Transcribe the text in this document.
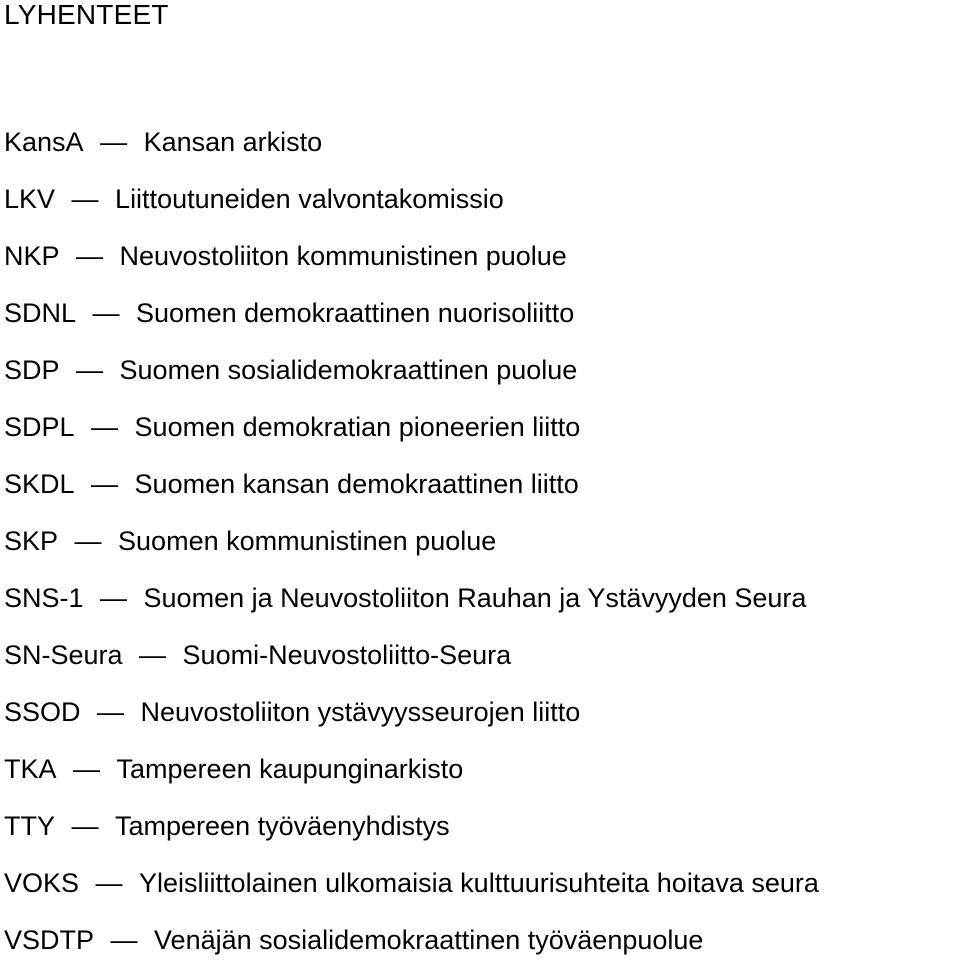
LYHENTEET
KansA — Kansan arkisto
LKV — Liittoutuneiden valvontakomissio
NKP — Neuvostoliiton kommunistinen puolue
SDNL — Suomen demokraattinen nuorisoliitto
SDP — Suomen sosialidemokraattinen puolue
SDPL — Suomen demokratian pioneerien liitto
SKDL — Suomen kansan demokraattinen liitto
SKP — Suomen kommunistinen puolue
SNS-1 — Suomen ja Neuvostoliiton Rauhan ja Ystävyyden Seura
SN-Seura — Suomi-Neuvostoliitto-Seura
SSOD — Neuvostoliiton ystävyysseurojen liitto
TKA — Tampereen kaupunginarkisto
TTY — Tampereen työväenyhdistys
VOKS — Yleisliittolainen ulkomaisia kulttuurisuhteita hoitava seura
VSDTP — Venäjän sosialidemokraattinen työväenpuolue
